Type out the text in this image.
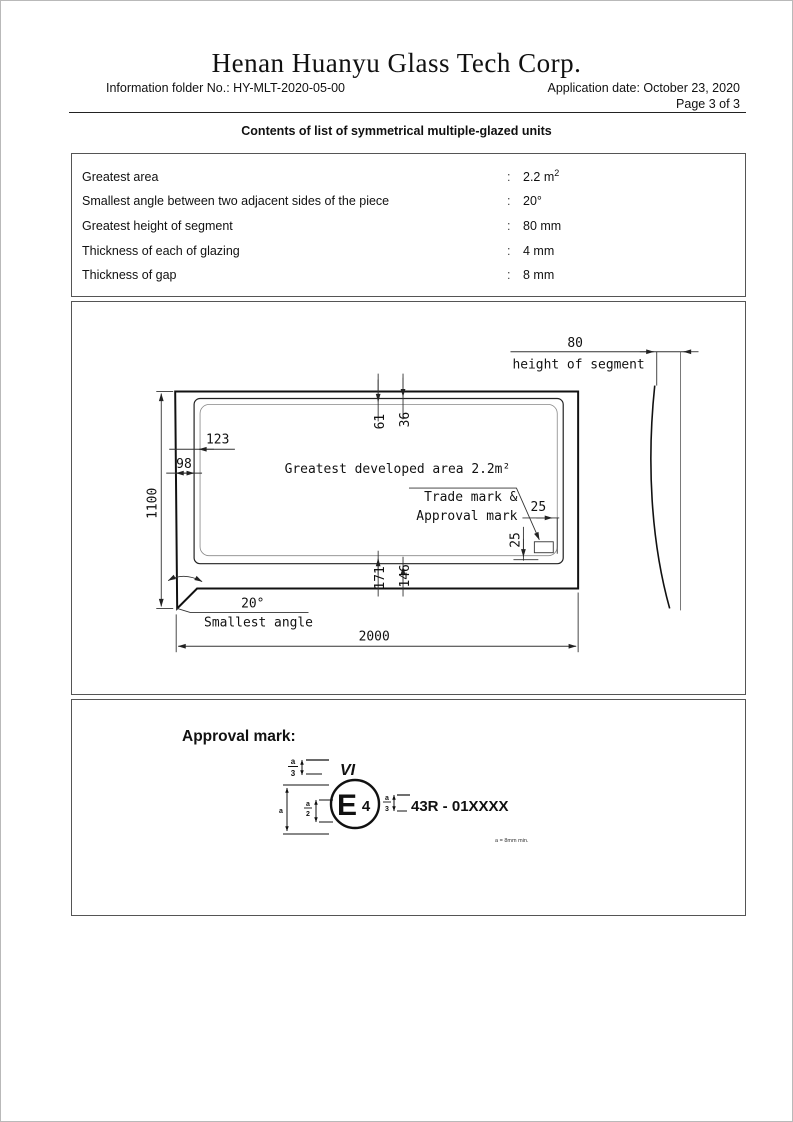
Henan Huanyu Glass Tech Corp.
Information folder No.: HY-MLT-2020-05-00	Application date: October 23, 2020
Page 3 of 3
Contents of list of symmetrical multiple-glazed units
Greatest area	:	2.2 $m^2$
Smallest angle between two adjacent sides of the piece	:	20°
Greatest height of segment	:	80 mm
Thickness of each of glazing	:	4 mm
Thickness of gap	:	8 mm
Greatest developed area 2.2m²
Trade mark &
Approval mark
25
25
1100
2000
123
98
61 36
171 146
80
height of segment
20°
Smallest angle
Approval mark:
a
3	VI
a
a
2 E 4 a
3 43R - 01XXXX
a = 8mm min.
